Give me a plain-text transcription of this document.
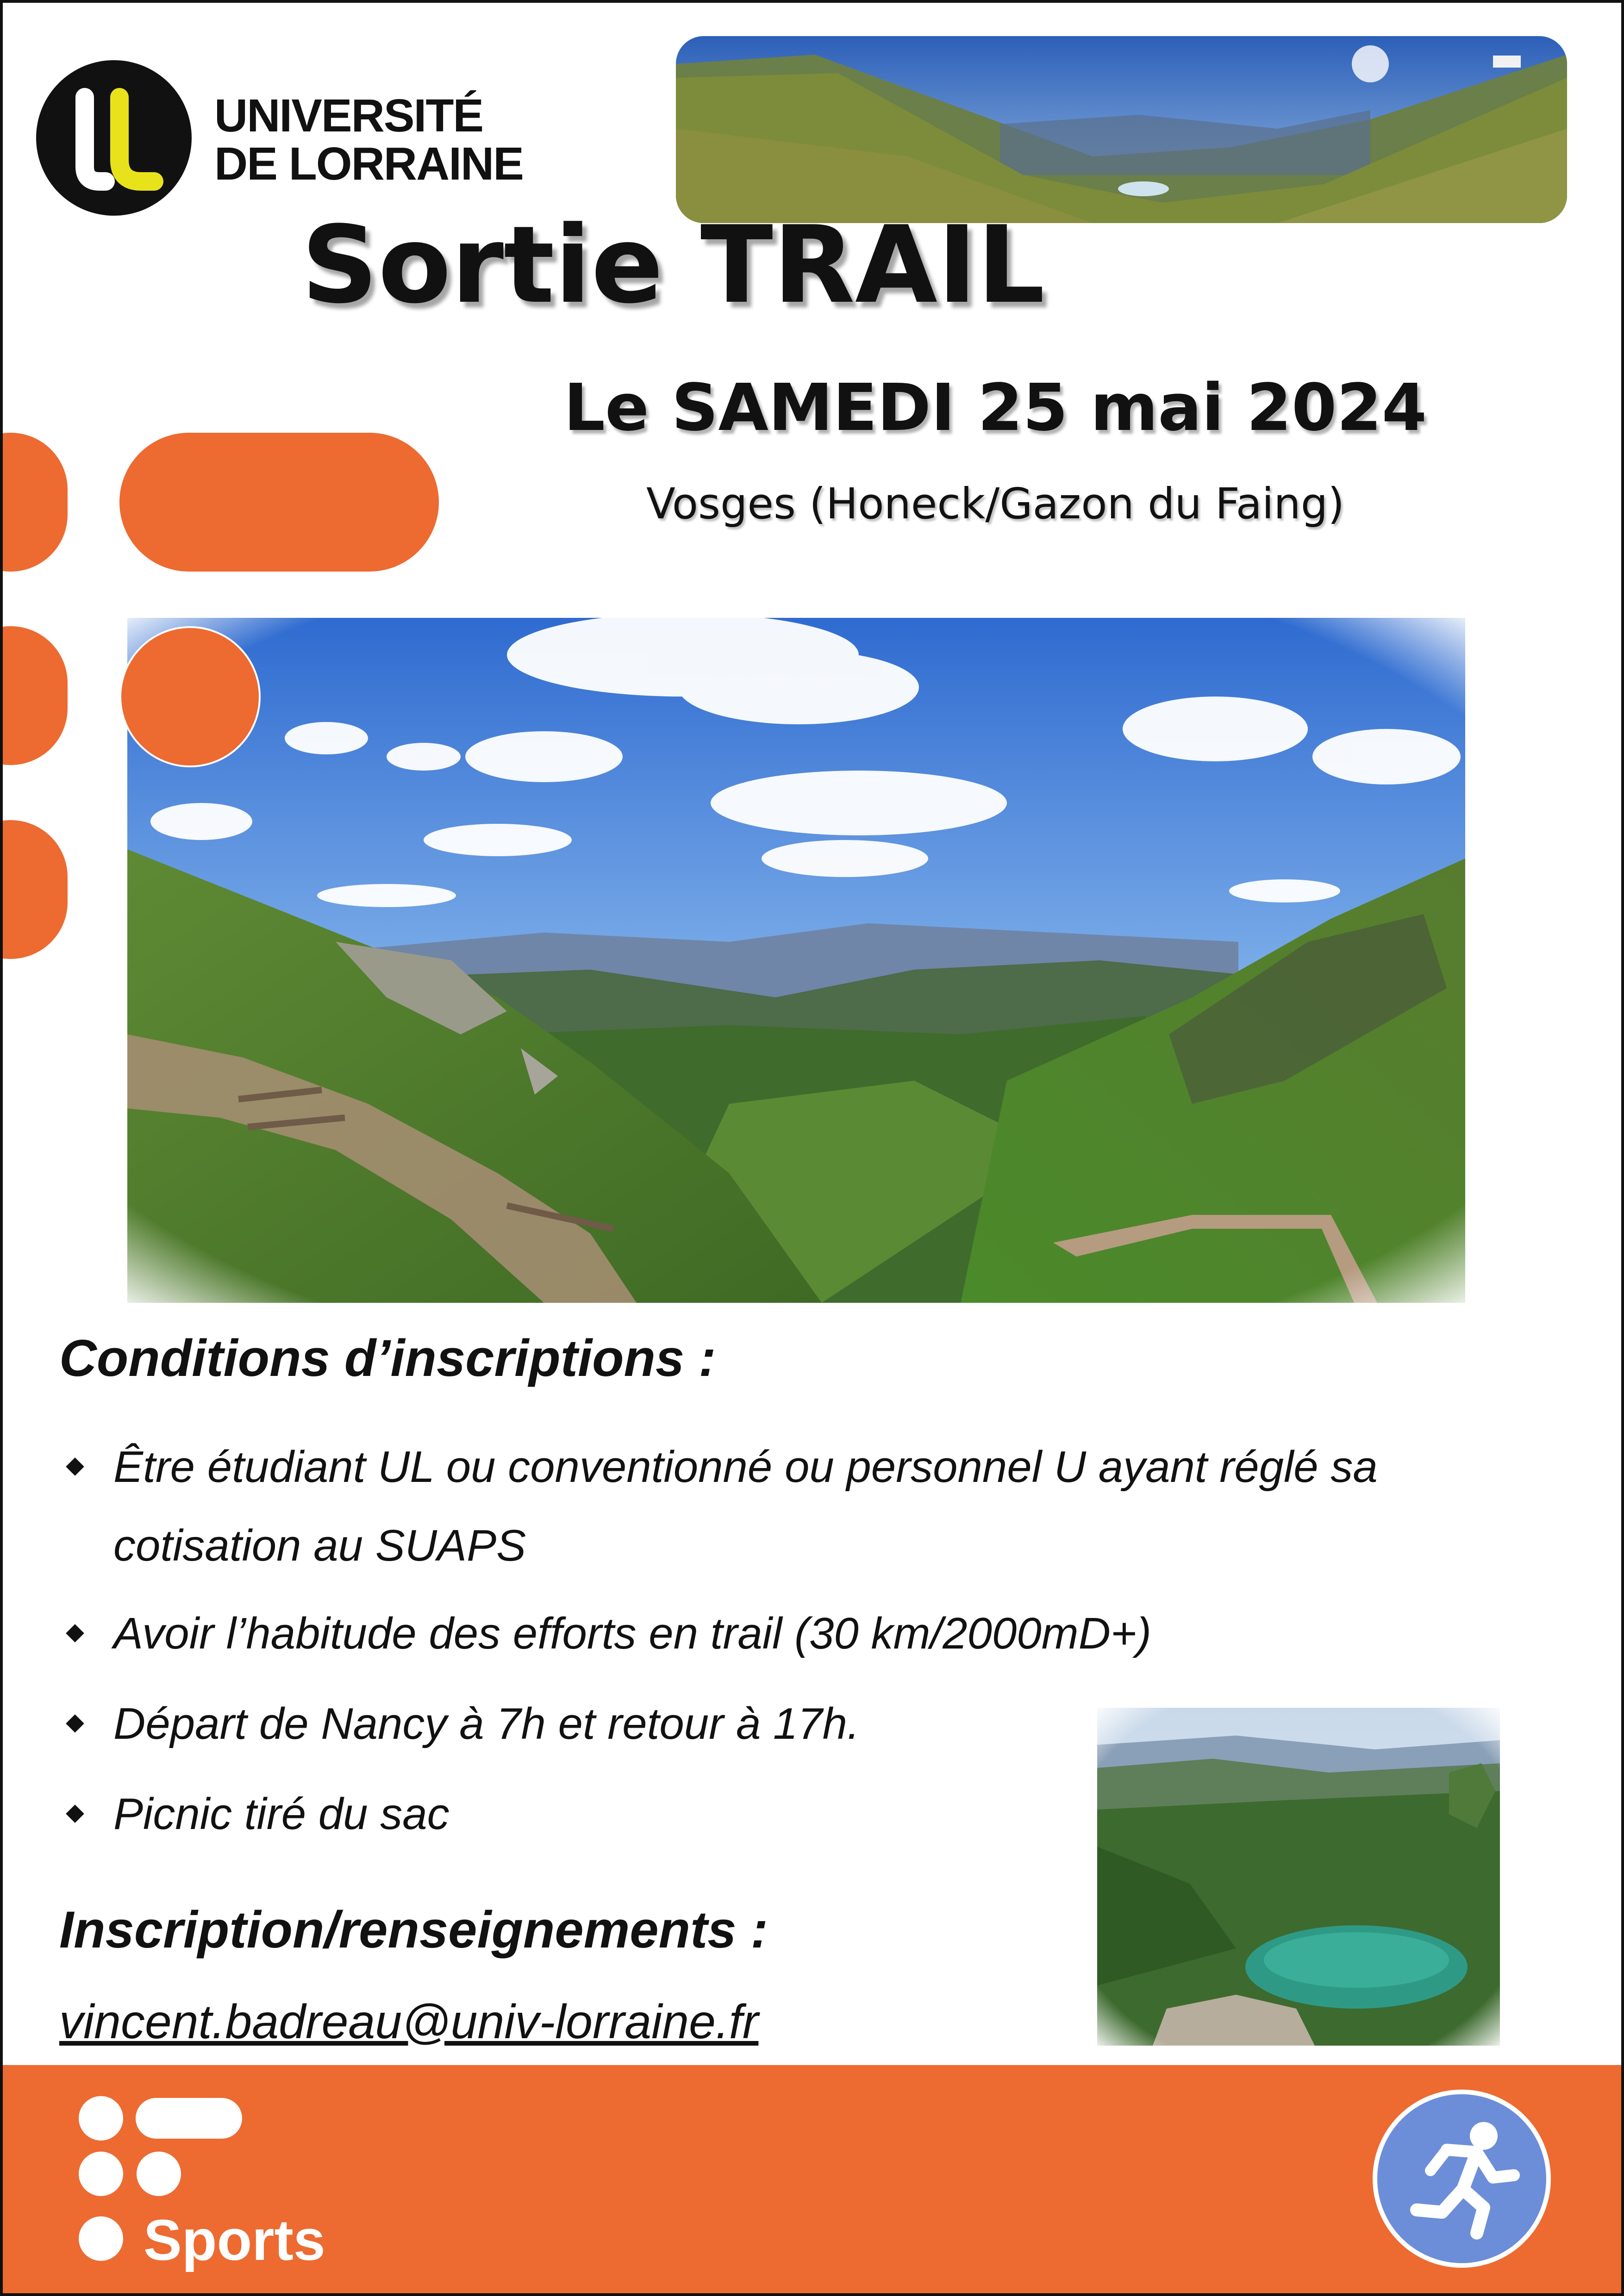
UNIVERSITÉ
DE LORRAINE
Sortie TRAIL
Le SAMEDI 25 mai 2024
Vosges (Honeck/Gazon du Faing)
Conditions d’inscriptions :
Être étudiant UL ou conventionné ou personnel U ayant réglé sa cotisation au SUAPS
Avoir l’habitude des efforts en trail (30 km/2000mD+)
Départ de Nancy à 7h et retour à 17h.
Picnic tiré du sac
Inscription/renseignements :
vincent.badreau@univ-lorraine.fr
Sports
